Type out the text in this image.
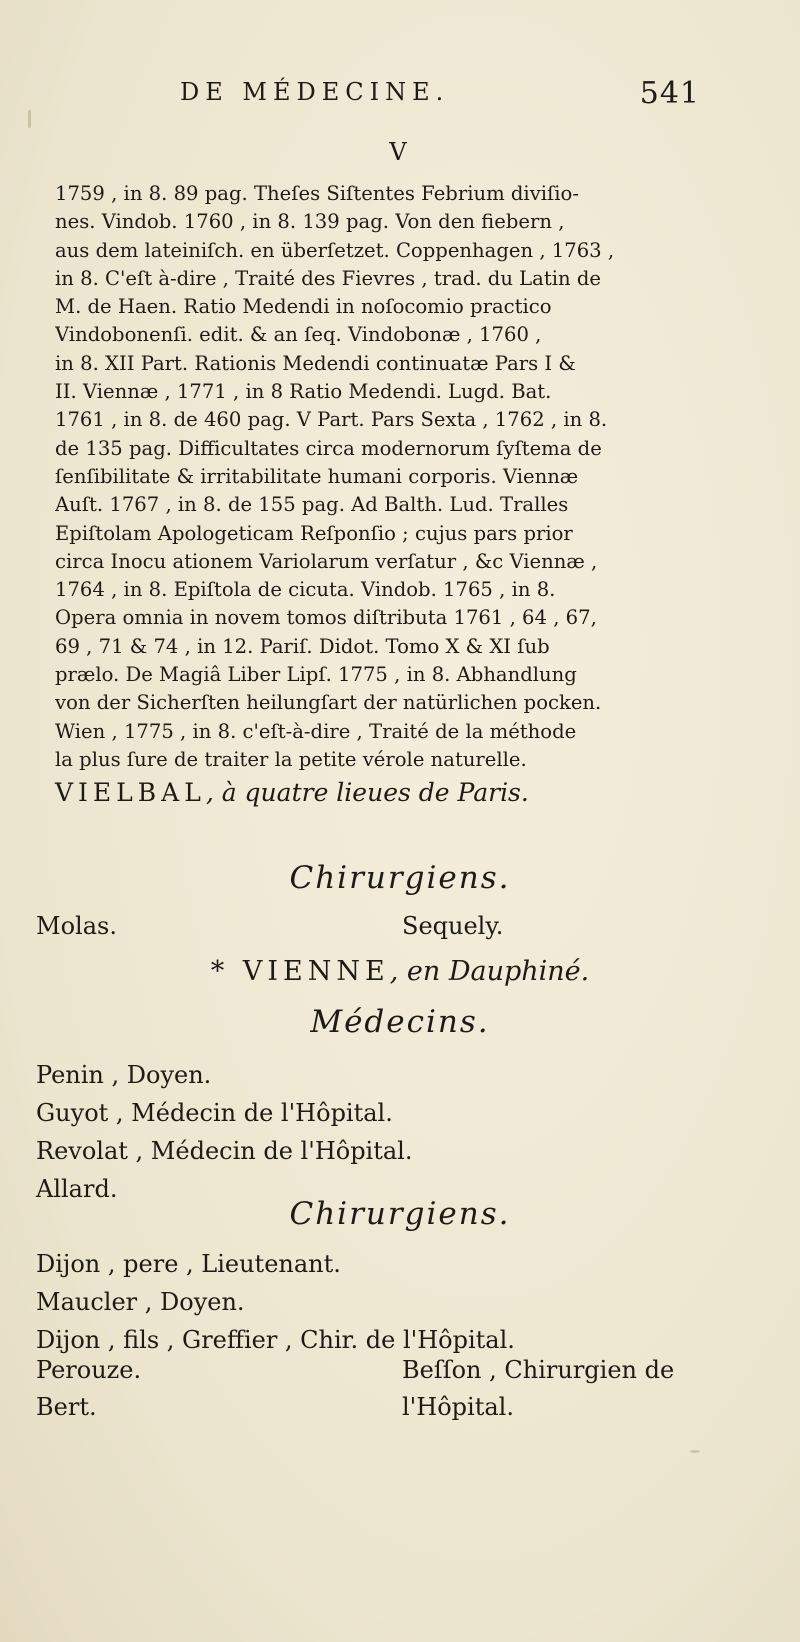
DE MÉDECINE.	541
V
1759 , in 8. 89 pag. Theſes Siſtentes Febrium diviſio-
nes. Vindob. 1760 , in 8. 139 pag. Von den fiebern ,
aus dem lateiniſch. en überſetzet. Coppenhagen , 1763 ,
in 8. C'eſt à-dire , Traité des Fievres , trad. du Latin de
M. de Haen. Ratio Medendi in noſocomio practico
Vindobonenſi. edit. & an ſeq. Vindobonæ , 1760 ,
in 8. XII Part. Rationis Medendi continuatæ Pars I &
II. Viennæ , 1771 , in 8 Ratio Medendi. Lugd. Bat.
1761 , in 8. de 460 pag. V Part. Pars Sexta , 1762 , in 8.
de 135 pag. Difficultates circa modernorum ſyſtema de
ſenſibilitate & irritabilitate humani corporis. Viennæ
Auſt. 1767 , in 8. de 155 pag. Ad Balth. Lud. Tralles
Epiſtolam Apologeticam Reſponſio ; cujus pars prior
circa Inocu ationem Variolarum verſatur , &c Viennæ ,
1764 , in 8. Epiſtola de cicuta. Vindob. 1765 , in 8.
Opera omnia in novem tomos diſtributa 1761 , 64 , 67,
69 , 71 & 74 , in 12. Pariſ. Didot. Tomo X & XI ſub
prælo. De Magiâ Liber Lipſ. 1775 , in 8. Abhandlung
von der Sicherſten heilungſart der natürlichen pocken.
Wien , 1775 , in 8. c'eſt-à-dire , Traité de la méthode
la plus ſure de traiter la petite vérole naturelle.
VIELBAL, à quatre lieues de Paris.
Chirurgiens.
Molas.	Sequely.
* VIENNE, en Dauphiné.
Médecins.
Penin , Doyen.
Guyot , Médecin de l'Hôpital.
Revolat , Médecin de l'Hôpital.
Allard.
Chirurgiens.
Dijon , pere , Lieutenant.
Maucler , Doyen.
Dijon , fils , Greffier , Chir. de l'Hôpital.
Perouze.	Beſſon , Chirurgien de
Bert.	l'Hôpital.
